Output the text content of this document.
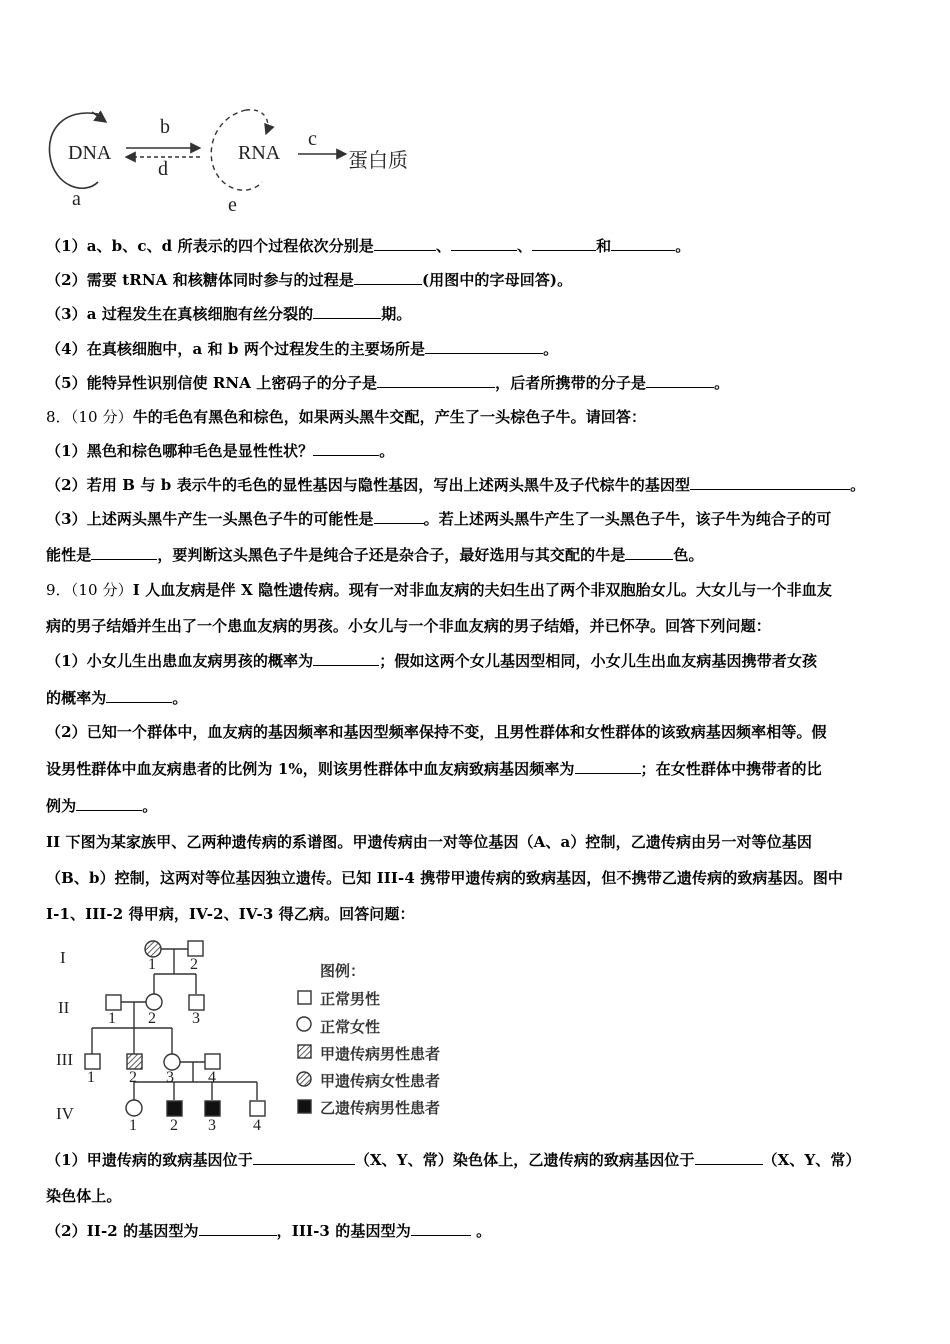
DNA
b
d
a
RNA
c
蛋白质
e
（1）a、b、c、d 所表示的四个过程依次分别是	、	、	和	。
（2）需要 tRNA 和核糖体同时参与的过程是	(用图中的字母回答)。
（3）a 过程发生在真核细胞有丝分裂的	期。
（4）在真核细胞中，a 和 b 两个过程发生的主要场所是	。
（5）能特异性识别信使 RNA 上密码子的分子是	，后者所携带的分子是	。
8．（10 分）牛的毛色有黑色和棕色，如果两头黑牛交配，产生了一头棕色子牛。请回答：
（1）黑色和棕色哪种毛色是显性性状？	。
（2）若用 B 与 b 表示牛的毛色的显性基因与隐性基因，写出上述两头黑牛及子代棕牛的基因型	。
（3）上述两头黑牛产生一头黑色子牛的可能性是	。若上述两头黑牛产生了一头黑色子牛，该子牛为纯合子的可
能性是	，要判断这头黑色子牛是纯合子还是杂合子，最好选用与其交配的牛是	色。
9．（10 分）I 人血友病是伴 X 隐性遗传病。现有一对非血友病的夫妇生出了两个非双胞胎女儿。大女儿与一个非血友
病的男子结婚并生出了一个患血友病的男孩。小女儿与一个非血友病的男子结婚，并已怀孕。回答下列问题：
（1）小女儿生出患血友病男孩的概率为	；假如这两个女儿基因型相同，小女儿生出血友病基因携带者女孩
的概率为	。
（2）已知一个群体中，血友病的基因频率和基因型频率保持不变，且男性群体和女性群体的该致病基因频率相等。假
设男性群体中血友病患者的比例为 1%，则该男性群体中血友病致病基因频率为	；在女性群体中携带者的比
例为	。
II 下图为某家族甲、乙两种遗传病的系谱图。甲遗传病由一对等位基因（A、a）控制，乙遗传病由另一对等位基因
（B、b）控制，这两对等位基因独立遗传。已知 III-4 携带甲遗传病的致病基因，但不携带乙遗传病的致病基因。图中
I-1、III-2 得甲病，IV-2、IV-3 得乙病。回答问题：
I
II
III
IV
1 2
1 2 3
1 2 3 4
1 2 3 4
图例：
正常男性
正常女性
甲遗传病男性患者
甲遗传病女性患者
乙遗传病男性患者
（1）甲遗传病的致病基因位于	（X、Y、常）染色体上，乙遗传病的致病基因位于	（X、Y、常）
染色体上。
（2）II-2 的基因型为	，III-3 的基因型为	。
